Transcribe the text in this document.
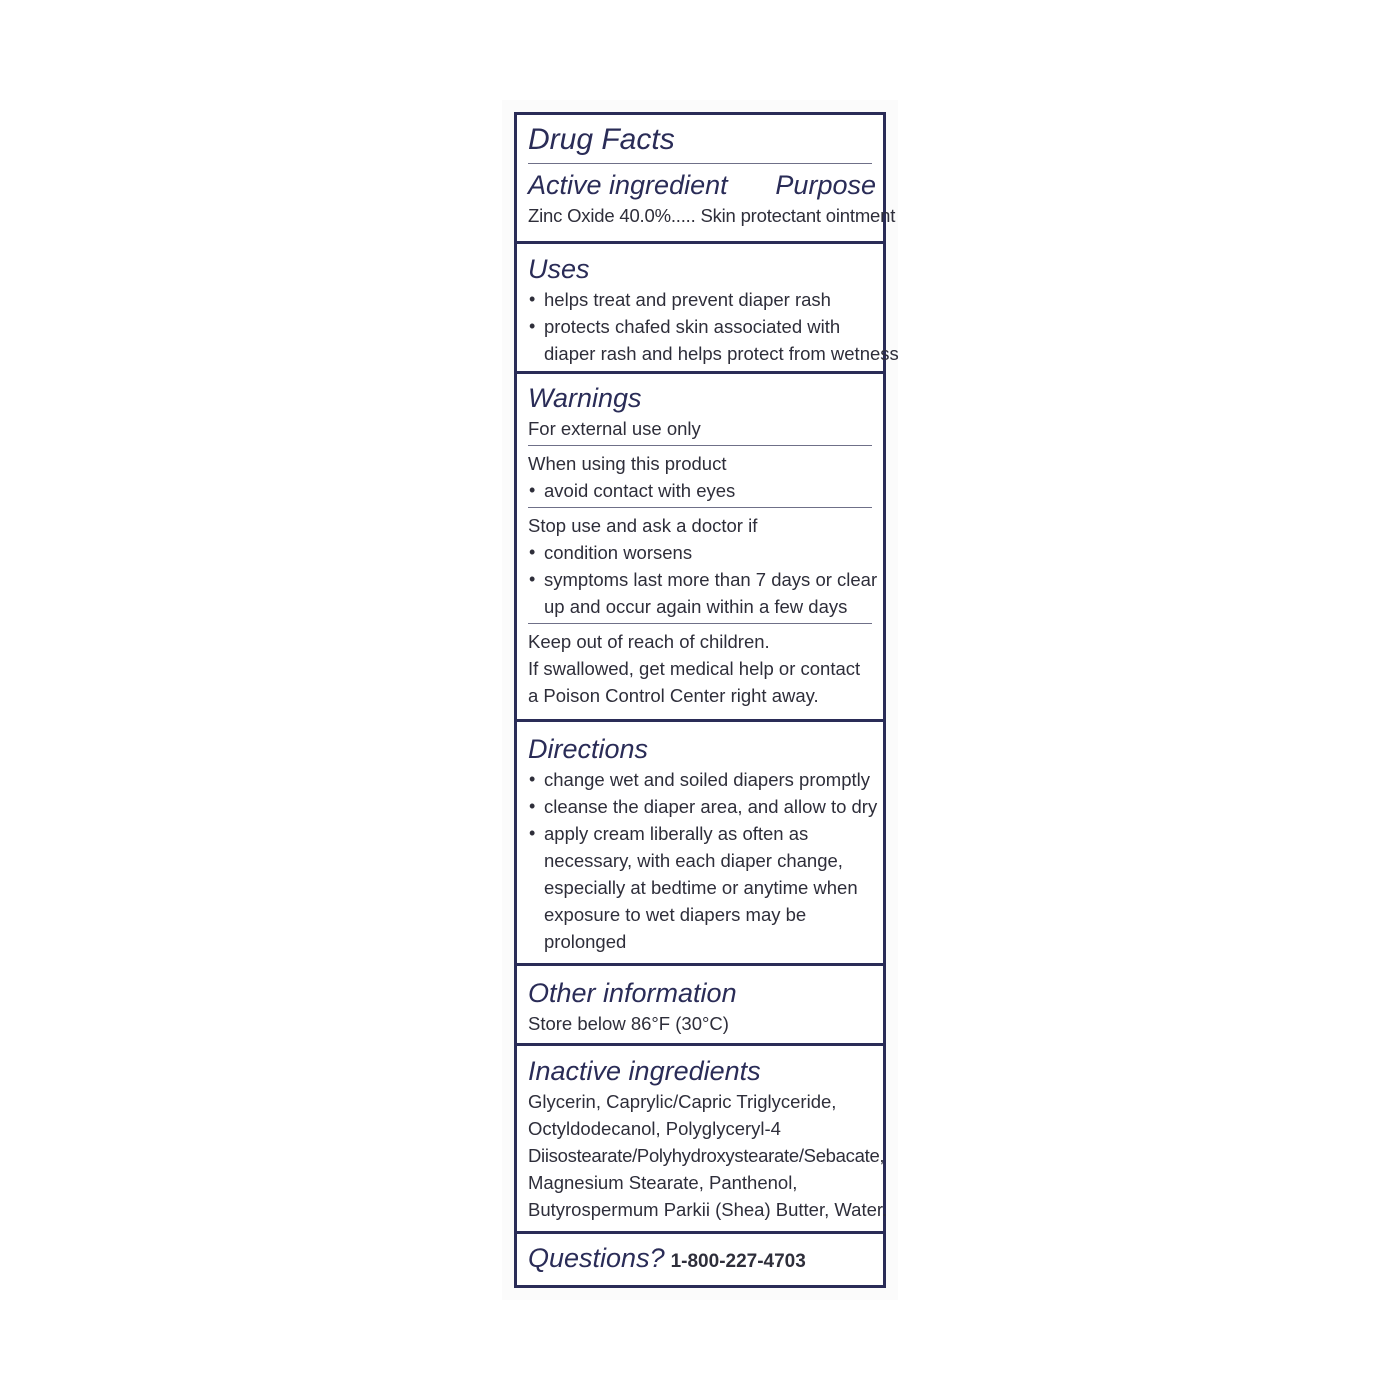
Drug Facts
Active ingredient Purpose
Zinc Oxide 40.0%..... Skin protectant ointment
Uses
• helps treat and prevent diaper rash
• protects chafed skin associated with
diaper rash and helps protect from wetness
Warnings
For external use only
When using this product
• avoid contact with eyes
Stop use and ask a doctor if
• condition worsens
• symptoms last more than 7 days or clear
up and occur again within a few days
Keep out of reach of children.
If swallowed, get medical help or contact
a Poison Control Center right away.
Directions
• change wet and soiled diapers promptly
• cleanse the diaper area, and allow to dry
• apply cream liberally as often as
necessary, with each diaper change,
especially at bedtime or anytime when
exposure to wet diapers may be
prolonged
Other information
Store below 86°F (30°C)
Inactive ingredients
Glycerin, Caprylic/Capric Triglyceride,
Octyldodecanol, Polyglyceryl-4
Diisostearate/Polyhydroxystearate/Sebacate,
Magnesium Stearate, Panthenol,
Butyrospermum Parkii (Shea) Butter, Water.
Questions? 1-800-227-4703
